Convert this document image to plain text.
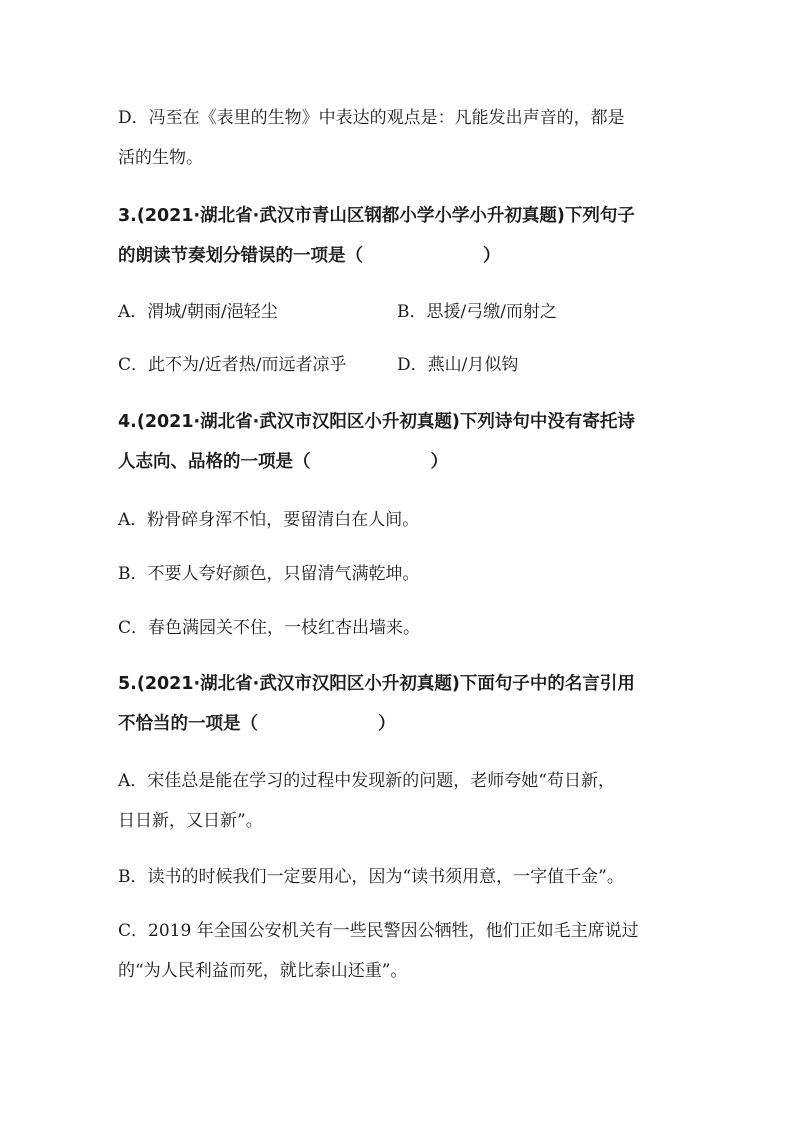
D．冯至在《表里的生物》中表达的观点是：凡能发出声音的，都是
活的生物。
3.(2021·湖北省·武汉市青山区钢都小学小学小升初真题)下列句子
的朗读节奏划分错误的一项是（	）
A．渭城/朝雨/浥轻尘	B．思援/弓缴/而射之
C．此不为/近者热/而远者凉乎	D．燕山/月似钩
4.(2021·湖北省·武汉市汉阳区小升初真题)下列诗句中没有寄托诗
人志向、品格的一项是（	）
A．粉骨碎身浑不怕，要留清白在人间。
B．不要人夸好颜色，只留清气满乾坤。
C．春色满园关不住，一枝红杏出墙来。
5.(2021·湖北省·武汉市汉阳区小升初真题)下面句子中的名言引用
不恰当的一项是（	）
A．宋佳总是能在学习的过程中发现新的问题，老师夸她“苟日新，
日日新，又日新”。
B．读书的时候我们一定要用心，因为“读书须用意，一字值千金”。
C．2019 年全国公安机关有一些民警因公牺牲，他们正如毛主席说过
的“为人民利益而死，就比泰山还重”。
